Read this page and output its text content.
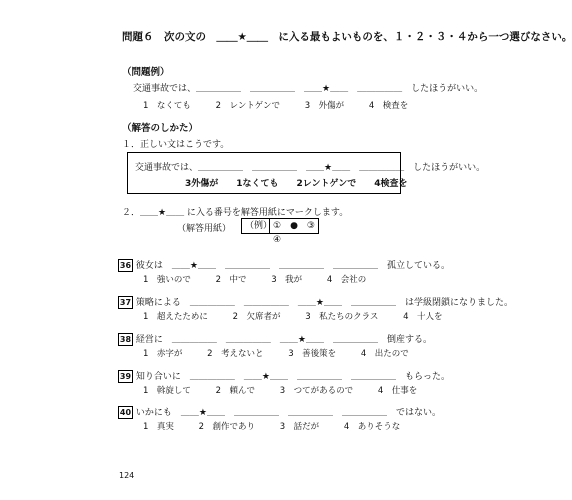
問題６　次の文の　＿＿★＿＿　に入る最もよいものを、１・２・３・４から一つ選びなさい。
（問題例）
交通事故では、＿＿＿＿＿　＿＿＿＿＿　＿＿★＿＿　＿＿＿＿＿　したほうがいい。
1　なくても	2　レントゲンで	3　外傷が	4　検査を
（解答のしかた）
１．正しい文はこうです。
交通事故では、＿＿＿＿＿　＿＿＿＿＿　＿＿★＿＿　＿＿＿＿＿　したほうがいい。
3外傷が　　1なくても　　2レントゲンで　　4検査を
２．＿＿★＿＿ に入る番号を解答用紙にマークします。
（解答用紙） （例） ①　●　③　④
36 彼女は　＿＿★＿＿　＿＿＿＿＿　＿＿＿＿＿　＿＿＿＿＿　孤立している。
1　強いので	2　中で	3　我が	4　会社の
37 策略による　＿＿＿＿＿　＿＿＿＿＿　＿＿★＿＿　＿＿＿＿＿　は学級閉鎖になりました。
1　超えたために	2　欠席者が	3　私たちのクラス	4　十人を
38 経営に　＿＿＿＿＿　＿＿＿＿＿　＿＿★＿＿　＿＿＿＿＿　倒産する。
1　赤字が	2　考えないと	3　善後策を	4　出たので
39 知り合いに　＿＿＿＿＿　＿＿★＿＿　＿＿＿＿＿　＿＿＿＿＿　もらった。
1　斡旋して	2　頼んで	3　つてがあるので	4　仕事を
40 いかにも　＿＿★＿＿　＿＿＿＿＿　＿＿＿＿＿　＿＿＿＿＿　ではない。
1　真実	2　創作であり	3　話だが	4　ありそうな
124
